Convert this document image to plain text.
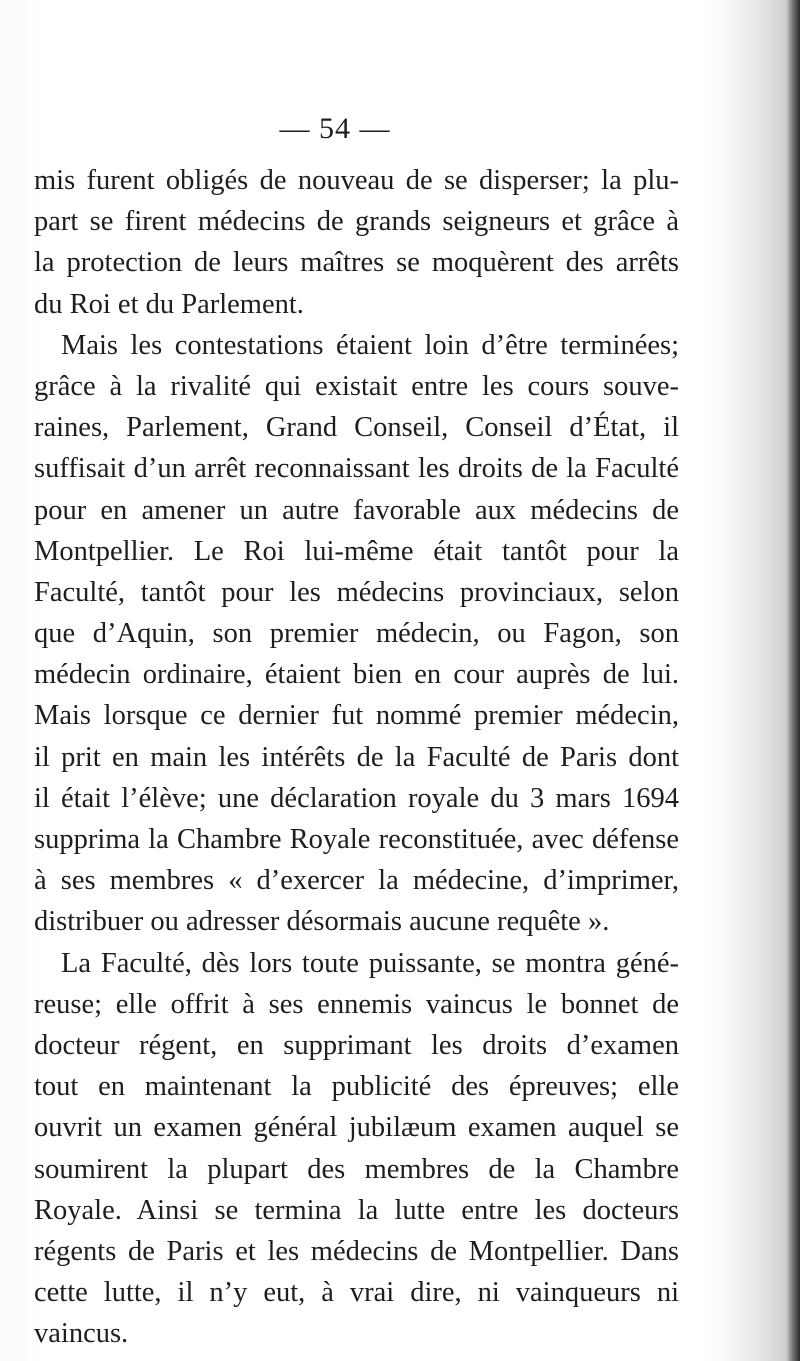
— 54 —
mis furent obligés de nouveau de se disperser; la plu-
part se firent médecins de grands seigneurs et grâce à
la protection de leurs maîtres se moquèrent des arrêts
du Roi et du Parlement.
Mais les contestations étaient loin d’être terminées;
grâce à la rivalité qui existait entre les cours souve-
raines, Parlement, Grand Conseil, Conseil d’État, il
suffisait d’un arrêt reconnaissant les droits de la Faculté
pour en amener un autre favorable aux médecins de
Montpellier. Le Roi lui-même était tantôt pour la
Faculté, tantôt pour les médecins provinciaux, selon
que d’Aquin, son premier médecin, ou Fagon, son
médecin ordinaire, étaient bien en cour auprès de lui.
Mais lorsque ce dernier fut nommé premier médecin,
il prit en main les intérêts de la Faculté de Paris dont
il était l’élève; une déclaration royale du 3 mars 1694
supprima la Chambre Royale reconstituée, avec défense
à ses membres « d’exercer la médecine, d’imprimer,
distribuer ou adresser désormais aucune requête ».
La Faculté, dès lors toute puissante, se montra géné-
reuse; elle offrit à ses ennemis vaincus le bonnet de
docteur régent, en supprimant les droits d’examen
tout en maintenant la publicité des épreuves; elle
ouvrit un examen général jubilæum examen auquel se
soumirent la plupart des membres de la Chambre
Royale. Ainsi se termina la lutte entre les docteurs
régents de Paris et les médecins de Montpellier. Dans
cette lutte, il n’y eut, à vrai dire, ni vainqueurs ni
vaincus.
